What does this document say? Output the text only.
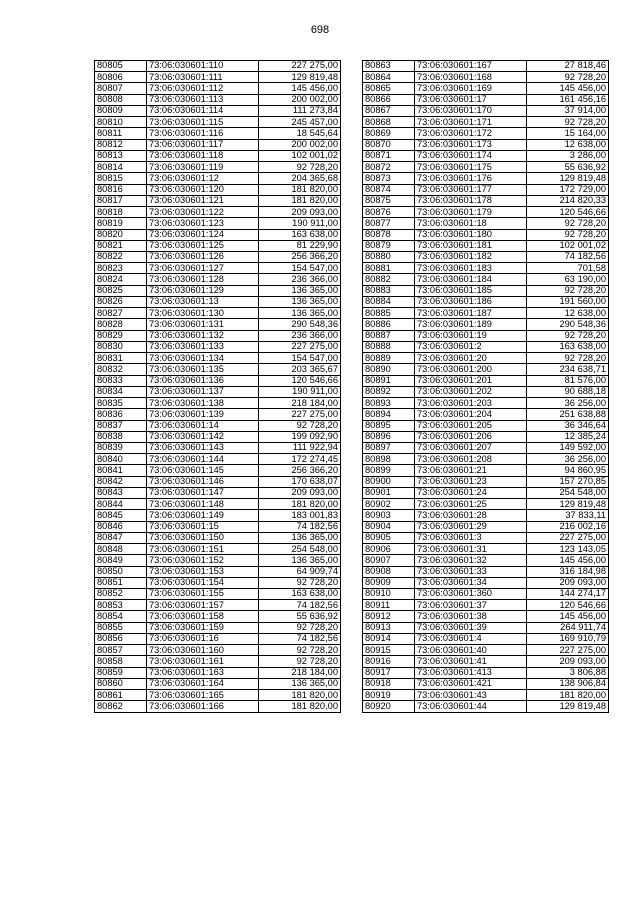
698
80805	73:06:030601:110	227 275,00
80806	73:06:030601:111	129 819,48
80807	73:06:030601:112	145 456,00
80808	73:06:030601:113	200 002,00
80809	73:06:030601:114	111 273,84
80810	73:06:030601:115	245 457,00
80811	73:06:030601:116	18 545,64
80812	73:06:030601:117	200 002,00
80813	73:06:030601:118	102 001,02
80814	73:06:030601:119	92 728,20
80815	73:06:030601:12	204 365,68
80816	73:06:030601:120	181 820,00
80817	73:06:030601:121	181 820,00
80818	73:06:030601:122	209 093,00
80819	73:06:030601:123	190 911,00
80820	73:06:030601:124	163 638,00
80821	73:06:030601:125	81 229,90
80822	73:06:030601:126	256 366,20
80823	73:06:030601:127	154 547,00
80824	73:06:030601:128	236 366,00
80825	73:06:030601:129	136 365,00
80826	73:06:030601:13	136 365,00
80827	73:06:030601:130	136 365,00
80828	73:06:030601:131	290 548,36
80829	73:06:030601:132	236 366,00
80830	73:06:030601:133	227 275,00
80831	73:06:030601:134	154 547,00
80832	73:06:030601:135	203 365,67
80833	73:06:030601:136	120 546,66
80834	73:06:030601:137	190 911,00
80835	73:06:030601:138	218 184,00
80836	73:06:030601:139	227 275,00
80837	73:06:030601:14	92 728,20
80838	73:06:030601:142	199 092,90
80839	73:06:030601:143	111 922,94
80840	73:06:030601:144	172 274,45
80841	73:06:030601:145	256 366,20
80842	73:06:030601:146	170 638,07
80843	73:06:030601:147	209 093,00
80844	73:06:030601:148	181 820,00
80845	73:06:030601:149	183 001,83
80846	73:06:030601:15	74 182,56
80847	73:06:030601:150	136 365,00
80848	73:06:030601:151	254 548,00
80849	73:06:030601:152	136 365,00
80850	73:06:030601:153	64 909,74
80851	73:06:030601:154	92 728,20
80852	73:06:030601:155	163 638,00
80853	73:06:030601:157	74 182,56
80854	73:06:030601:158	55 636,92
80855	73:06:030601:159	92 728,20
80856	73:06:030601:16	74 182,56
80857	73:06:030601:160	92 728,20
80858	73:06:030601:161	92 728,20
80859	73:06:030601:163	218 184,00
80860	73:06:030601:164	136 365,00
80861	73:06:030601:165	181 820,00
80862	73:06:030601:166	181 820,00
80863	73:06:030601:167	27 818,46
80864	73:06:030601:168	92 728,20
80865	73:06:030601:169	145 456,00
80866	73:06:030601:17	161 456,16
80867	73:06:030601:170	37 914,00
80868	73:06:030601:171	92 728,20
80869	73:06:030601:172	15 164,00
80870	73:06:030601:173	12 638,00
80871	73:06:030601:174	3 286,00
80872	73:06:030601:175	55 636,92
80873	73:06:030601:176	129 819,48
80874	73:06:030601:177	172 729,00
80875	73:06:030601:178	214 820,33
80876	73:06:030601:179	120 546,66
80877	73:06:030601:18	92 728,20
80878	73:06:030601:180	92 728,20
80879	73:06:030601:181	102 001,02
80880	73:06:030601:182	74 182,56
80881	73:06:030601:183	701,58
80882	73:06:030601:184	63 190,00
80883	73:06:030601:185	92 728,20
80884	73:06:030601:186	191 560,00
80885	73:06:030601:187	12 638,00
80886	73:06:030601:189	290 548,36
80887	73:06:030601:19	92 728,20
80888	73:06:030601:2	163 638,00
80889	73:06:030601:20	92 728,20
80890	73:06:030601:200	234 638,71
80891	73:06:030601:201	81 576,00
80892	73:06:030601:202	90 688,18
80893	73:06:030601:203	36 256,00
80894	73:06:030601:204	251 638,88
80895	73:06:030601:205	36 346,64
80896	73:06:030601:206	12 385,24
80897	73:06:030601:207	149 592,00
80898	73:06:030601:208	36 256,00
80899	73:06:030601:21	94 860,95
80900	73:06:030601:23	157 270,85
80901	73:06:030601:24	254 548,00
80902	73:06:030601:25	129 819,48
80903	73:06:030601:28	37 833,11
80904	73:06:030601:29	216 002,16
80905	73:06:030601:3	227 275,00
80906	73:06:030601:31	123 143,05
80907	73:06:030601:32	145 456,00
80908	73:06:030601:33	316 184,98
80909	73:06:030601:34	209 093,00
80910	73:06:030601:360	144 274,17
80911	73:06:030601:37	120 546,66
80912	73:06:030601:38	145 456,00
80913	73:06:030601:39	264 911,74
80914	73:06:030601:4	169 910,79
80915	73:06:030601:40	227 275,00
80916	73:06:030601:41	209 093,00
80917	73:06:030601:413	3 806,88
80918	73:06:030601:421	138 906,84
80919	73:06:030601:43	181 820,00
80920	73:06:030601:44	129 819,48
